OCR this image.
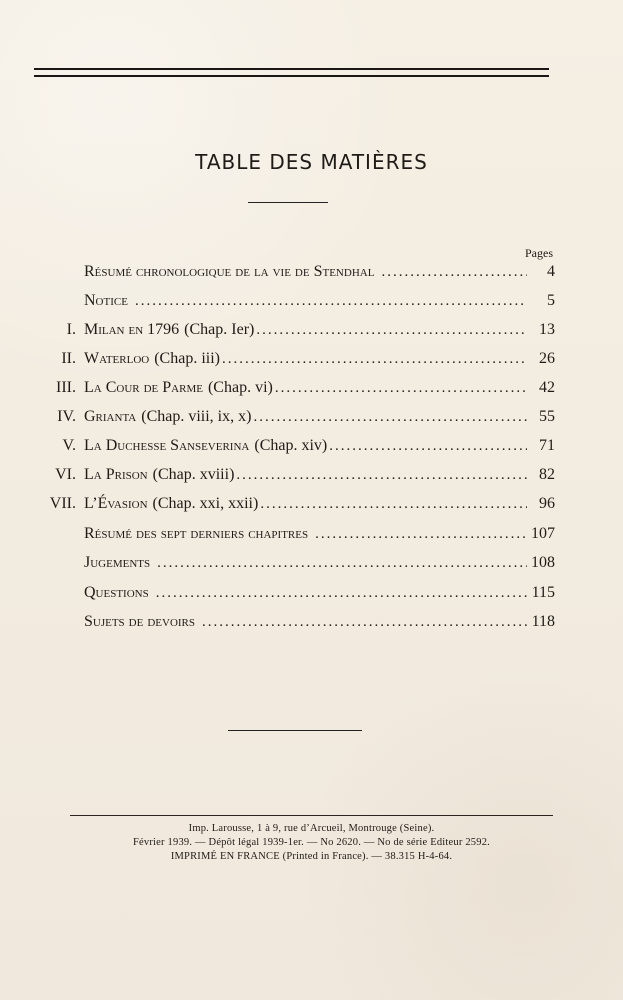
TABLE DES MATIÈRES
Pages
Résumé chronologique de la vie de Stendhal .....	4
Notice .....	5
I. Milan en 1796 (Chap. Ier) .....	13
II. Waterloo (Chap. iii) .....	26
III. La Cour de Parme (Chap. vi) .....	42
IV. Grianta (Chap. viii, ix, x) .....	55
V. La Duchesse Sanseverina (Chap. xiv) .....	71
VI. La Prison (Chap. xviii) .....	82
VII. L’Évasion (Chap. xxi, xxii) .....	96
Résumé des sept derniers chapitres .....	107
Jugements .....	108
Questions .....	115
Sujets de devoirs .....	118
Imp. Larousse, 1 à 9, rue d’Arcueil, Montrouge (Seine).
Février 1939. — Dépôt légal 1939-1er. — No 2620. — No de série Editeur 2592.
IMPRIMÉ EN FRANCE (Printed in France). — 38.315 H-4-64.
